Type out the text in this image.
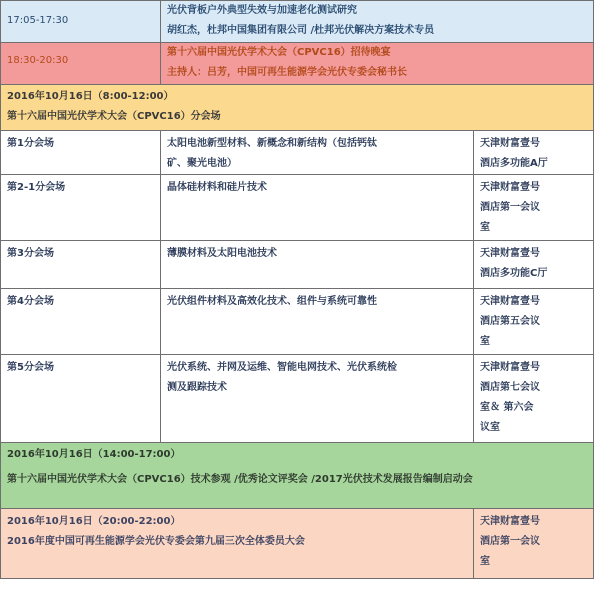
17:05-17:30	光伏背板户外典型失效与加速老化测试研究
胡红杰，杜邦中国集团有限公司 /杜邦光伏解决方案技术专员	

18:30-20:30	第十六届中国光伏学术大会（CPVC16）招待晚宴
主持人：吕芳，中国可再生能源学会光伏专委会秘书长	

2016年10月16日（8:00-12:00）
第十六届中国光伏学术大会（CPVC16）分会场		

第1分会场	太阳电池新型材料、新概念和新结构（包括钙钛
矿、聚光电池）	天津财富壹号
酒店多功能A厅

第2-1分会场	晶体硅材料和硅片技术	天津财富壹号
酒店第一会议
室

第3分会场	薄膜材料及太阳电池技术	天津财富壹号
酒店多功能C厅

第4分会场	光伏组件材料及高效化技术、组件与系统可靠性	天津财富壹号
酒店第五会议
室

第5分会场	光伏系统、并网及运维、智能电网技术、光伏系统检
测及跟踪技术	天津财富壹号
酒店第七会议
室＆ 第六会
议室

2016年10月16日（14:00-17:00）
第十六届中国光伏学术大会（CPVC16）技术参观 /优秀论文评奖会 /2017光伏技术发展报告编制启动会		

2016年10月16日（20:00-22:00）
2016年度中国可再生能源学会光伏专委会第九届三次全体委员大会		天津财富壹号
酒店第一会议
室
